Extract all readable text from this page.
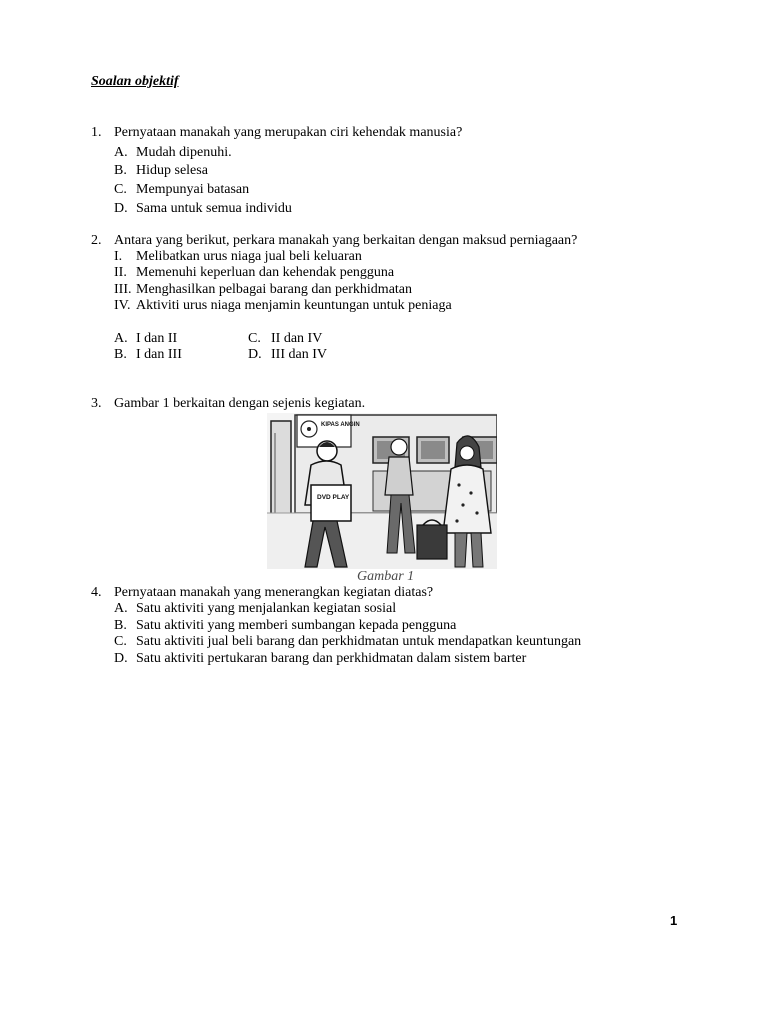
Soalan objektif
1. Pernyataan manakah yang merupakan ciri kehendak manusia?
A. Mudah dipenuhi.
B. Hidup selesa
C. Mempunyai batasan
D. Sama untuk semua individu
2. Antara yang berikut, perkara manakah yang berkaitan dengan maksud perniagaan?
I. Melibatkan urus niaga jual beli keluaran
II. Memenuhi keperluan dan kehendak pengguna
III. Menghasilkan pelbagai barang dan perkhidmatan
IV. Aktiviti urus niaga menjamin keuntungan untuk peniaga
A. I dan II
B. I dan III
C. II dan IV
D. III dan IV
3. Gambar 1 berkaitan dengan sejenis kegiatan.
KIPAS ANGIN
DVD PLAY
Gambar 1
4. Pernyataan manakah yang menerangkan kegiatan diatas?
A. Satu aktiviti yang menjalankan kegiatan sosial
B. Satu aktiviti yang memberi sumbangan kepada pengguna
C. Satu aktiviti jual beli barang dan perkhidmatan untuk mendapatkan keuntungan
D. Satu aktiviti pertukaran barang dan perkhidmatan dalam sistem barter
1
